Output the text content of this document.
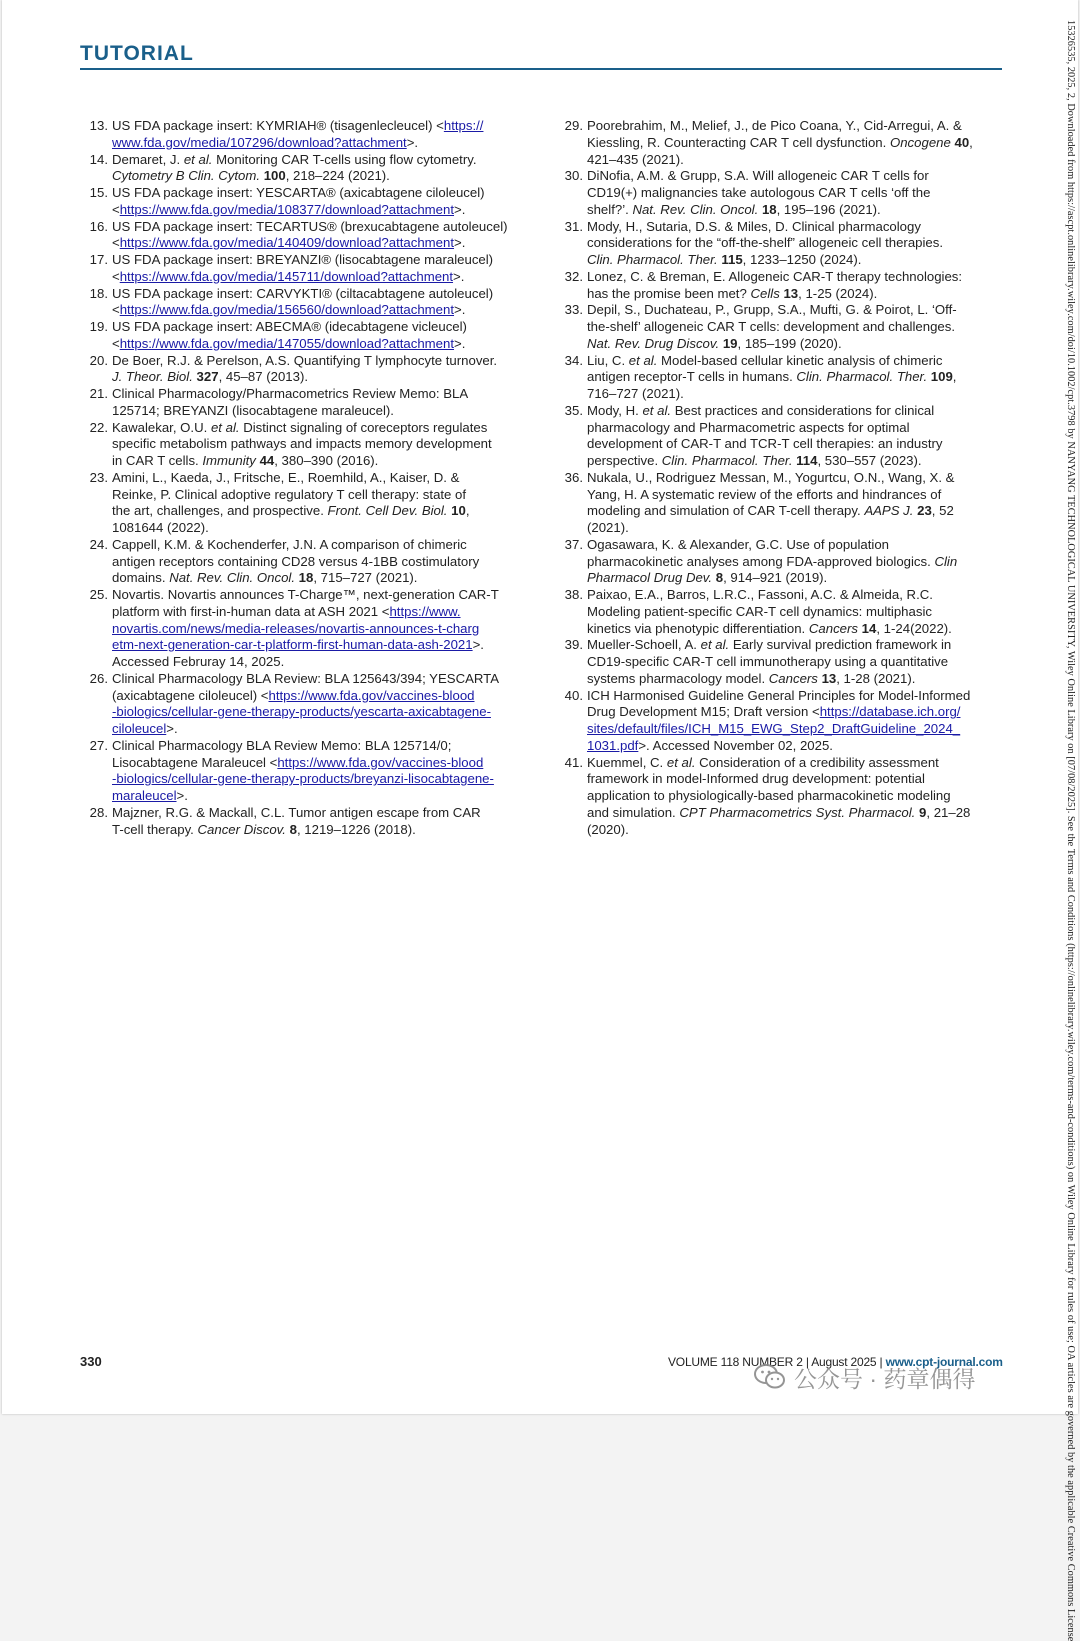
TUTORIAL
13. US FDA package insert: KYMRIAH® (tisagenlecleucel) <https://
www.fda.gov/media/107296/download?attachment>.
14. Demaret, J. et al. Monitoring CAR T-cells using flow cytometry.
Cytometry B Clin. Cytom. 100, 218–224 (2021).
15. US FDA package insert: YESCARTA® (axicabtagene ciloleucel)
<https://www.fda.gov/media/108377/download?attachment>.
16. US FDA package insert: TECARTUS® (brexucabtagene autoleucel)
<https://www.fda.gov/media/140409/download?attachment>.
17. US FDA package insert: BREYANZI® (lisocabtagene maraleucel)
<https://www.fda.gov/media/145711/download?attachment>.
18. US FDA package insert: CARVYKTI® (ciltacabtagene autoleucel)
<https://www.fda.gov/media/156560/download?attachment>.
19. US FDA package insert: ABECMA® (idecabtagene vicleucel)
<https://www.fda.gov/media/147055/download?attachment>.
20. De Boer, R.J. & Perelson, A.S. Quantifying T lymphocyte turnover.
J. Theor. Biol. 327, 45–87 (2013).
21. Clinical Pharmacology/Pharmacometrics Review Memo: BLA
125714; BREYANZI (lisocabtagene maraleucel).
22. Kawalekar, O.U. et al. Distinct signaling of coreceptors regulates
specific metabolism pathways and impacts memory development
in CAR T cells. Immunity 44, 380–390 (2016).
23. Amini, L., Kaeda, J., Fritsche, E., Roemhild, A., Kaiser, D. &
Reinke, P. Clinical adoptive regulatory T cell therapy: state of
the art, challenges, and prospective. Front. Cell Dev. Biol. 10,
1081644 (2022).
24. Cappell, K.M. & Kochenderfer, J.N. A comparison of chimeric
antigen receptors containing CD28 versus 4-1BB costimulatory
domains. Nat. Rev. Clin. Oncol. 18, 715–727 (2021).
25. Novartis. Novartis announces T-Charge™, next-generation CAR-T
platform with first-in-human data at ASH 2021 <https://www.
novartis.com/news/media-releases/novartis-announces-t-charg
etm-next-generation-car-t-platform-first-human-data-ash-2021>.
Accessed Februray 14, 2025.
26. Clinical Pharmacology BLA Review: BLA 125643/394; YESCARTA
(axicabtagene ciloleucel) <https://www.fda.gov/vaccines-blood
-biologics/cellular-gene-therapy-products/yescarta-axicabtagene-
ciloleucel>.
27. Clinical Pharmacology BLA Review Memo: BLA 125714/0;
Lisocabtagene Maraleucel <https://www.fda.gov/vaccines-blood
-biologics/cellular-gene-therapy-products/breyanzi-lisocabtagene-
maraleucel>.
28. Majzner, R.G. & Mackall, C.L. Tumor antigen escape from CAR
T-cell therapy. Cancer Discov. 8, 1219–1226 (2018).
29. Poorebrahim, M., Melief, J., de Pico Coana, Y., Cid-Arregui, A. &
Kiessling, R. Counteracting CAR T cell dysfunction. Oncogene 40,
421–435 (2021).
30. DiNofia, A.M. & Grupp, S.A. Will allogeneic CAR T cells for
CD19(+) malignancies take autologous CAR T cells ‘off the
shelf?’. Nat. Rev. Clin. Oncol. 18, 195–196 (2021).
31. Mody, H., Sutaria, D.S. & Miles, D. Clinical pharmacology
considerations for the “off-the-shelf” allogeneic cell therapies.
Clin. Pharmacol. Ther. 115, 1233–1250 (2024).
32. Lonez, C. & Breman, E. Allogeneic CAR-T therapy technologies:
has the promise been met? Cells 13, 1-25 (2024).
33. Depil, S., Duchateau, P., Grupp, S.A., Mufti, G. & Poirot, L. ‘Off-
the-shelf’ allogeneic CAR T cells: development and challenges.
Nat. Rev. Drug Discov. 19, 185–199 (2020).
34. Liu, C. et al. Model-based cellular kinetic analysis of chimeric
antigen receptor-T cells in humans. Clin. Pharmacol. Ther. 109,
716–727 (2021).
35. Mody, H. et al. Best practices and considerations for clinical
pharmacology and Pharmacometric aspects for optimal
development of CAR-T and TCR-T cell therapies: an industry
perspective. Clin. Pharmacol. Ther. 114, 530–557 (2023).
36. Nukala, U., Rodriguez Messan, M., Yogurtcu, O.N., Wang, X. &
Yang, H. A systematic review of the efforts and hindrances of
modeling and simulation of CAR T-cell therapy. AAPS J. 23, 52
(2021).
37. Ogasawara, K. & Alexander, G.C. Use of population
pharmacokinetic analyses among FDA-approved biologics. Clin
Pharmacol Drug Dev. 8, 914–921 (2019).
38. Paixao, E.A., Barros, L.R.C., Fassoni, A.C. & Almeida, R.C.
Modeling patient-specific CAR-T cell dynamics: multiphasic
kinetics via phenotypic differentiation. Cancers 14, 1-24(2022).
39. Mueller-Schoell, A. et al. Early survival prediction framework in
CD19-specific CAR-T cell immunotherapy using a quantitative
systems pharmacology model. Cancers 13, 1-28 (2021).
40. ICH Harmonised Guideline General Principles for Model-Informed
Drug Development M15; Draft version <https://database.ich.org/
sites/default/files/ICH_M15_EWG_Step2_DraftGuideline_2024_
1031.pdf>. Accessed November 02, 2025.
41. Kuemmel, C. et al. Consideration of a credibility assessment
framework in model-Informed drug development: potential
application to physiologically-based pharmacokinetic modeling
and simulation. CPT Pharmacometrics Syst. Pharmacol. 9, 21–28
(2020).
330	VOLUME 118 NUMBER 2 | August 2025 | www.cpt-journal.com	15326535, 2025, 2, Downloaded from https://ascpt.onlinelibrary.wiley.com/doi/10.1002/cpt.3798 by NANYANG TECHNOLOGICAL UNIVERSITY, Wiley Online Library on [07/08/2025]. See the Terms and Conditions (https://onlinelibrary.wiley.com/terms-and-conditions) on Wiley Online Library for rules of use; OA articles are governed by the applicable Creative Commons License
公众号 · 药章偶得
